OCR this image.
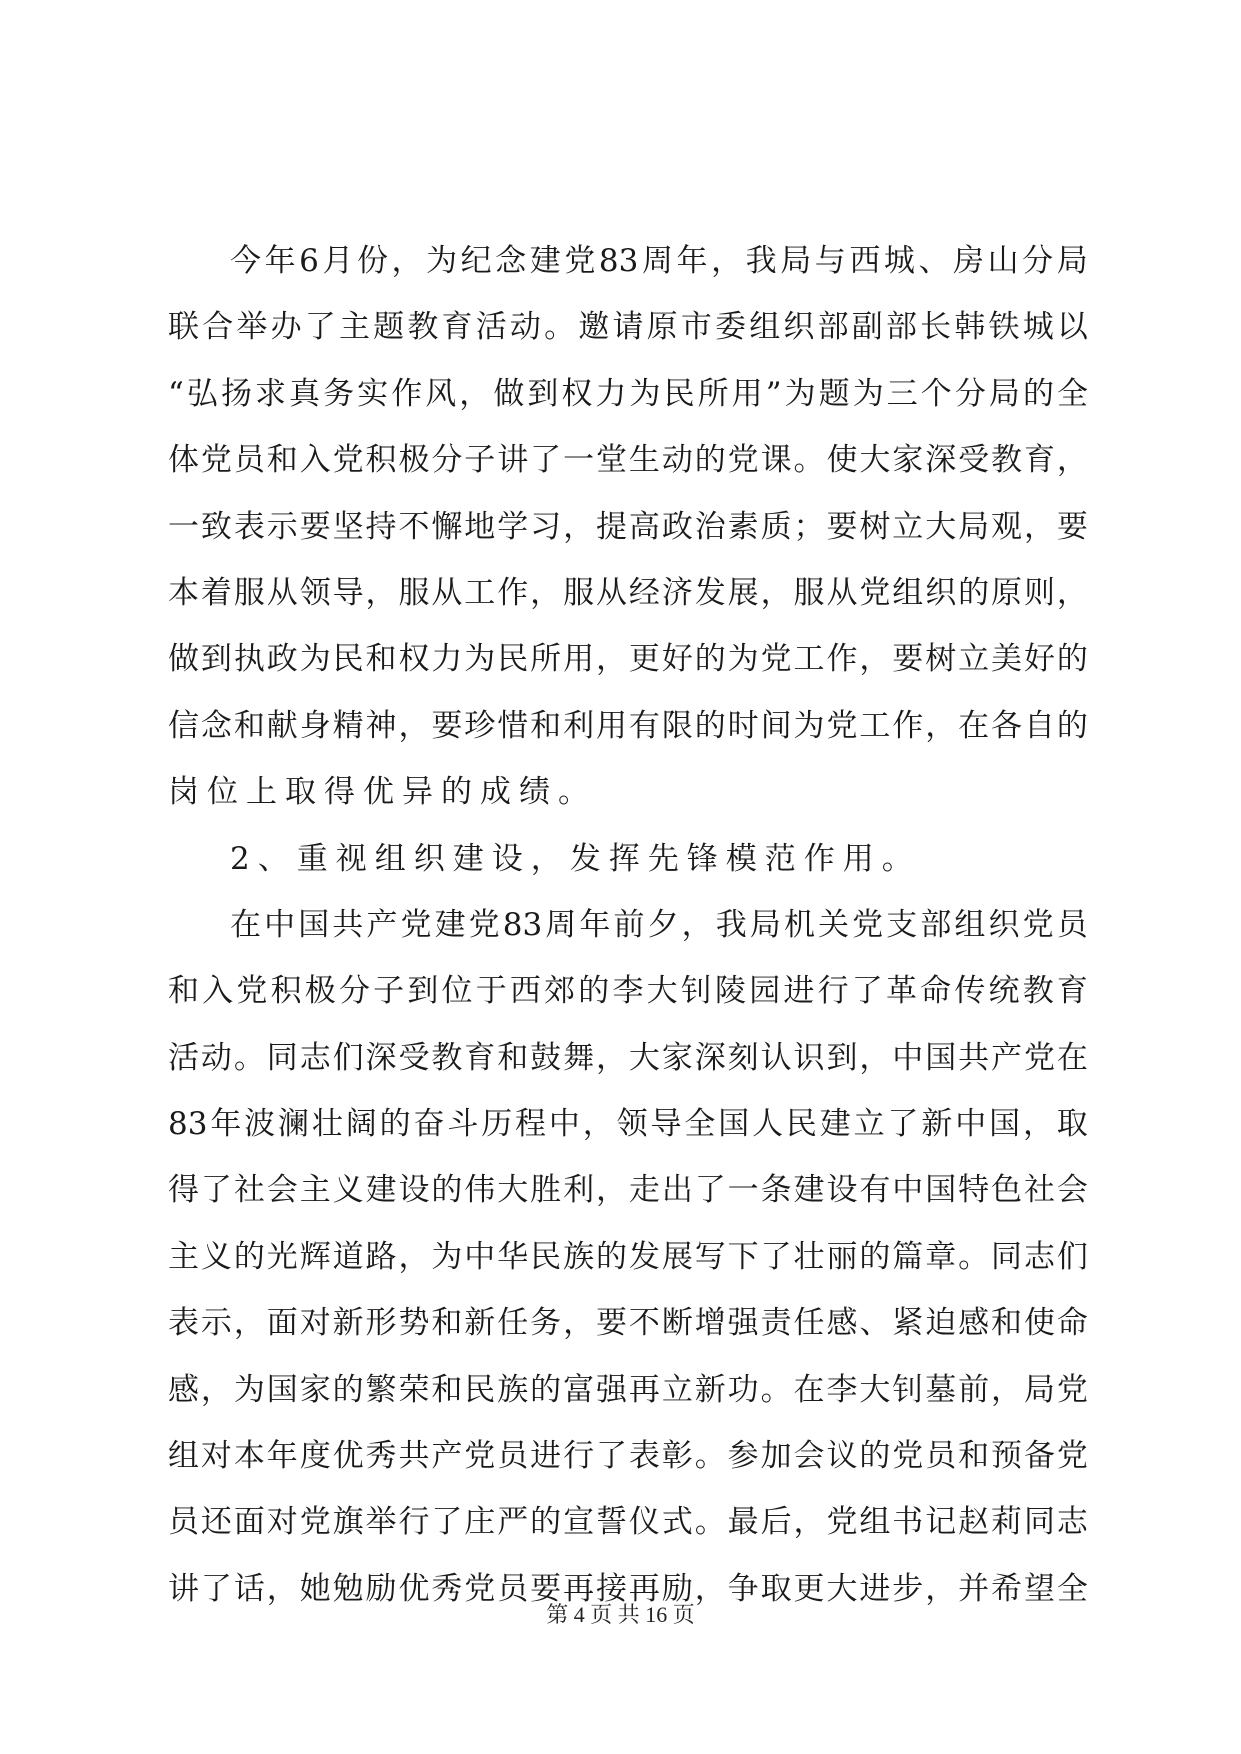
今 年 6 月 份 ， 为 纪 念 建 党 83 周 年 ， 我 局 与 西 城 、 房 山 分 局
联 合 举 办 了 主 题 教 育 活 动 。 邀 请 原 市 委 组 织 部 副 部 长 韩 铁 城 以
“ 弘 扬 求 真 务 实 作 风 ， 做 到 权 力 为 民 所 用 ” 为 题 为 三 个 分 局 的 全
体 党 员 和 入 党 积 极 分 子 讲 了 一 堂 生 动 的 党 课 。 使 大 家 深 受 教 育 ，
一 致 表 示 要 坚 持 不 懈 地 学 习 ， 提 高 政 治 素 质 ； 要 树 立 大 局 观 ， 要
本 着 服 从 领 导 ， 服 从 工 作 ， 服 从 经 济 发 展 ， 服 从 党 组 织 的 原 则 ，
做 到 执 政 为 民 和 权 力 为 民 所 用 ， 更 好 的 为 党 工 作 ， 要 树 立 美 好 的
信 念 和 献 身 精 神 ， 要 珍 惜 和 利 用 有 限 的 时 间 为 党 工 作 ， 在 各 自 的
岗位上取得优异的成绩。
2、重视组织建设，发挥先锋模范作用。
在 中 国 共 产 党 建 党 83 周 年 前 夕 ， 我 局 机 关 党 支 部 组 织 党 员
和 入 党 积 极 分 子 到 位 于 西 郊 的 李 大 钊 陵 园 进 行 了 革 命 传 统 教 育
活 动 。 同 志 们 深 受 教 育 和 鼓 舞 ， 大 家 深 刻 认 识 到 ， 中 国 共 产 党 在
83 年 波 澜 壮 阔 的 奋 斗 历 程 中 ， 领 导 全 国 人 民 建 立 了 新 中 国 ， 取
得 了 社 会 主 义 建 设 的 伟 大 胜 利 ， 走 出 了 一 条 建 设 有 中 国 特 色 社 会
主 义 的 光 辉 道 路 ， 为 中 华 民 族 的 发 展 写 下 了 壮 丽 的 篇 章 。 同 志 们
表 示 ， 面 对 新 形 势 和 新 任 务 ， 要 不 断 增 强 责 任 感 、 紧 迫 感 和 使 命
感 ， 为 国 家 的 繁 荣 和 民 族 的 富 强 再 立 新 功 。 在 李 大 钊 墓 前 ， 局 党
组 对 本 年 度 优 秀 共 产 党 员 进 行 了 表 彰 。 参 加 会 议 的 党 员 和 预 备 党
员 还 面 对 党 旗 举 行 了 庄 严 的 宣 誓 仪 式 。 最 后 ， 党 组 书 记 赵 莉 同 志
讲 了 话 ， 她 勉 励 优 秀 党 员 要 再 接 再 励 ， 争 取 更 大 进 步 ， 并 希 望 全
第 4 页 共 16 页
